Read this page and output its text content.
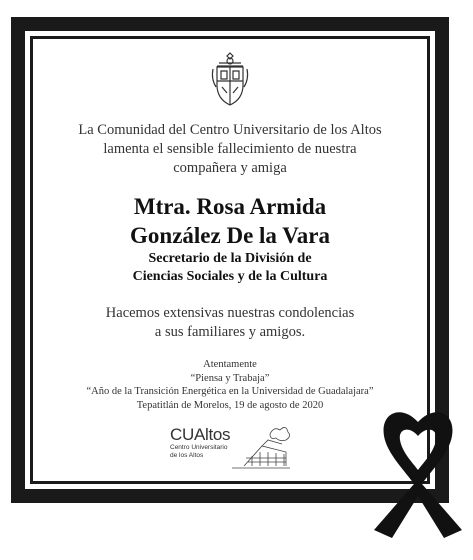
La Comunidad del Centro Universitario de los Altos
lamenta el sensible fallecimiento de nuestra
compañera y amiga
Mtra. Rosa Armida
González De la Vara
Secretario de la División de
Ciencias Sociales y de la Cultura
Hacemos extensivas nuestras condolencias
a sus familiares y amigos.
Atentamente
“Piensa y Trabaja”
“Año de la Transición Energética en la Universidad de Guadalajara”
Tepatitlán de Morelos, 19 de agosto de 2020
CUAltos
Centro Universitario
de los Altos
